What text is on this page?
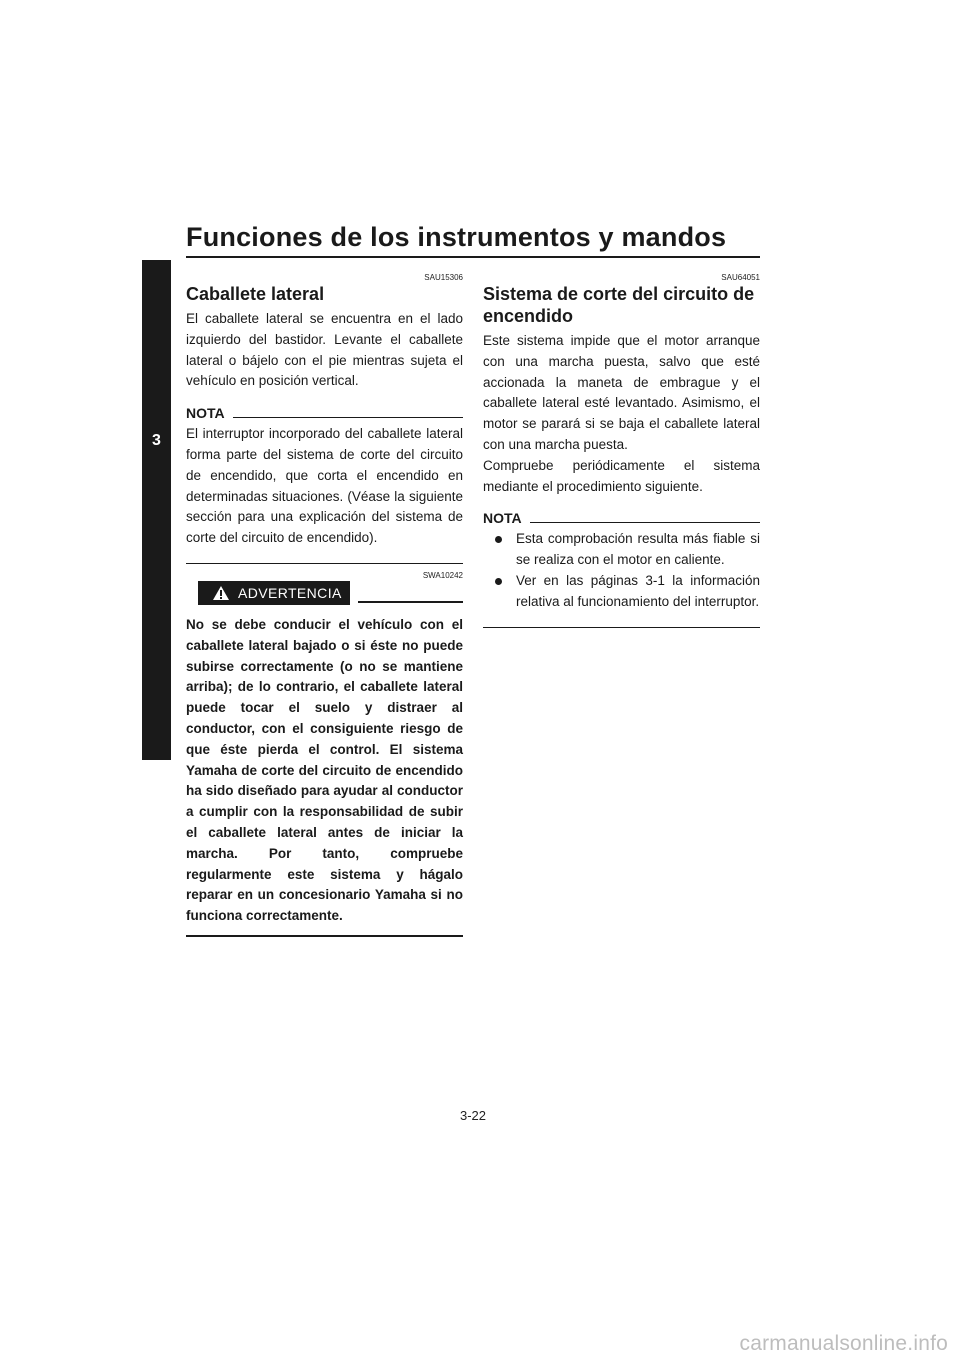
Funciones de los instrumentos y mandos
3
SAU15306
Caballete lateral

El caballete lateral se encuentra en el lado izquierdo del bastidor. Levante el caballete lateral o bájelo con el pie mientras sujeta el vehículo en posición vertical.

NOTA

El interruptor incorporado del caballete lateral forma parte del sistema de corte del circuito de encendido, que corta el encendido en determinadas situaciones. (Véase la siguiente sección para una explicación del sistema de corte del circuito de encendido).

SWA10242
ADVERTENCIA

No se debe conducir el vehículo con el caballete lateral bajado o si éste no puede subirse correctamente (o no se mantiene arriba); de lo contrario, el caballete lateral puede tocar el suelo y distraer al conductor, con el consiguiente riesgo de que éste pierda el control. El sistema Yamaha de corte del circuito de encendido ha sido diseñado para ayudar al conductor a cumplir con la responsabilidad de subir el caballete lateral antes de iniciar la marcha. Por tanto, compruebe regularmente este sistema y hágalo reparar en un concesionario Yamaha si no funciona correctamente.

SAU64051
Sistema de corte del circuito de encendido

Este sistema impide que el motor arranque con una marcha puesta, salvo que esté accionada la maneta de embrague y el caballete lateral esté levantado. Asimismo, el motor se parará si se baja el caballete lateral con una marcha puesta.

Compruebe periódicamente el sistema mediante el procedimiento siguiente.

NOTA
Esta comprobación resulta más fiable si se realiza con el motor en caliente.
Ver en las páginas 3-1 la información relativa al funcionamiento del interruptor.
3-22
carmanualsonline.info
